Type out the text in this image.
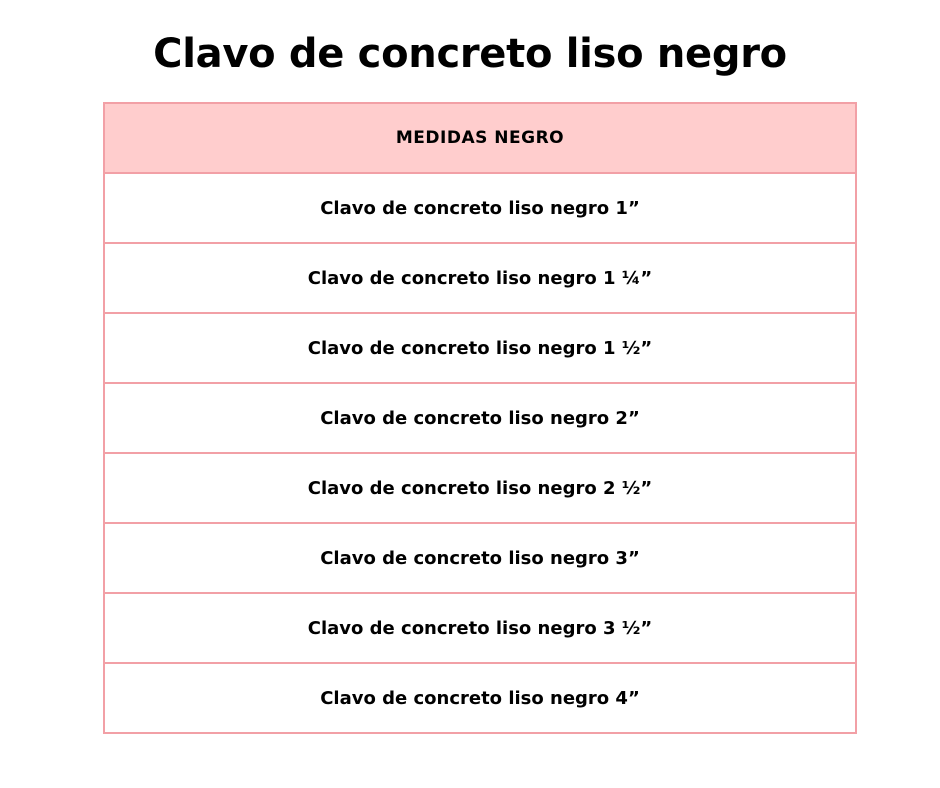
Clavo de concreto liso negro
MEDIDAS NEGRO
Clavo de concreto liso negro 1”
Clavo de concreto liso negro 1 ¼”
Clavo de concreto liso negro 1 ½”
Clavo de concreto liso negro 2”
Clavo de concreto liso negro 2 ½”
Clavo de concreto liso negro 3”
Clavo de concreto liso negro 3 ½”
Clavo de concreto liso negro 4”
